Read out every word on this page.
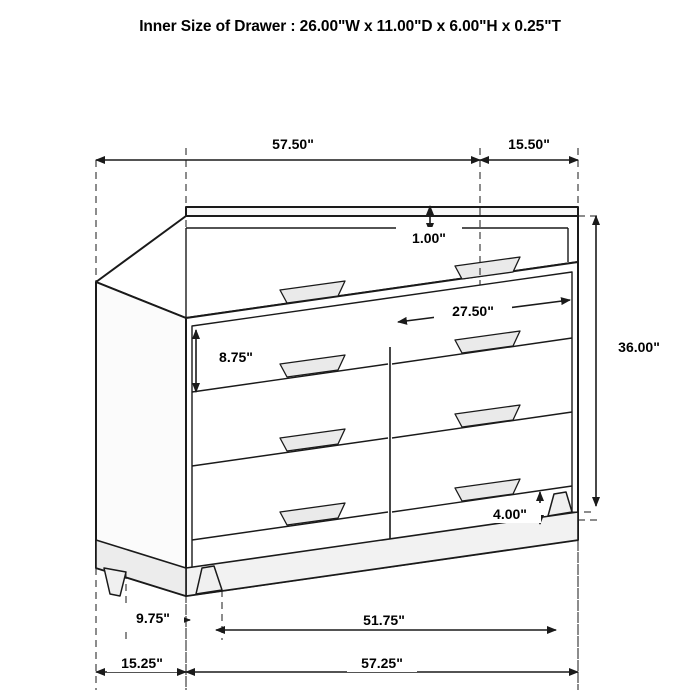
Inner Size of Drawer : 26.00"W x 11.00"D x 6.00"H x 0.25"T
57.50"	15.50"
1.00"
27.50"
8.75"
36.00"
4.00"
51.75"
9.75"
15.25"	57.25"
